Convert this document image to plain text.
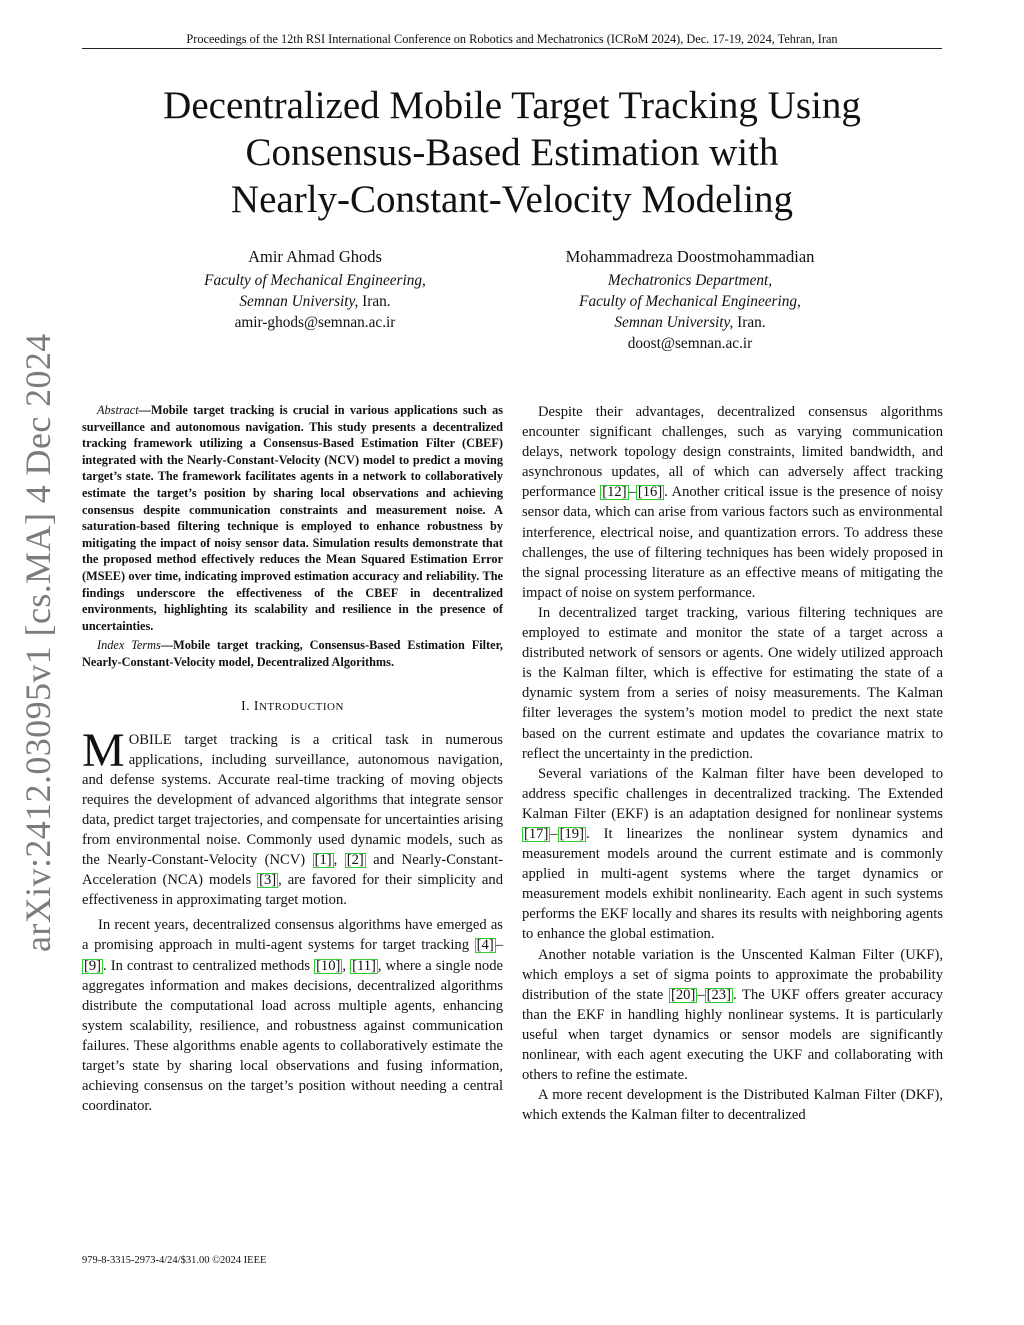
Proceedings of the 12th RSI International Conference on Robotics and Mechatronics (ICRoM 2024), Dec. 17-19, 2024, Tehran, Iran
Decentralized Mobile Target Tracking Using
Consensus-Based Estimation with
Nearly-Constant-Velocity Modeling
Amir Ahmad Ghods
Faculty of Mechanical Engineering,
Semnan University, Iran.
amir-ghods@semnan.ac.ir
Mohammadreza Doostmohammadian
Mechatronics Department,
Faculty of Mechanical Engineering,
Semnan University, Iran.
doost@semnan.ac.ir
arXiv:2412.03095v1 [cs.MA] 4 Dec 2024	Abstract—Mobile target tracking is crucial in various applications such as surveillance and autonomous navigation. This study presents a decentralized tracking framework utilizing a Consensus-Based Estimation Filter (CBEF) integrated with the Nearly-Constant-Velocity (NCV) model to predict a moving target’s state. The framework facilitates agents in a network to collaboratively estimate the target’s position by sharing local observations and achieving consensus despite communication constraints and measurement noise. A saturation-based filtering technique is employed to enhance robustness by mitigating the impact of noisy sensor data. Simulation results demonstrate that the proposed method effectively reduces the Mean Squared Estimation Error (MSEE) over time, indicating improved estimation accuracy and reliability. The findings underscore the effectiveness of the CBEF in decentralized environments, highlighting its scalability and resilience in the presence of uncertainties.

Index Terms—Mobile target tracking, Consensus-Based Estimation Filter, Nearly-Constant-Velocity model, Decentralized Algorithms.

I. INTRODUCTION

MOBILE target tracking is a critical task in numerous applications, including surveillance, autonomous navigation, and defense systems. Accurate real-time tracking of moving objects requires the development of advanced algorithms that integrate sensor data, predict target trajectories, and compensate for uncertainties arising from environmental noise. Commonly used dynamic models, such as the Nearly-Constant-Velocity (NCV) [1] , [2] and Nearly-Constant-Acceleration (NCA) models [3] , are favored for their simplicity and effectiveness in approximating target motion.

In recent years, decentralized consensus algorithms have emerged as a promising approach in multi-agent systems for target tracking [4] –[9] . In contrast to centralized methods [10] , [11] , where a single node aggregates information and makes decisions, decentralized algorithms distribute the computational load across multiple agents, enhancing system scalability, resilience, and robustness against communication failures. These algorithms enable agents to collaboratively estimate the target’s state by sharing local observations and fusing information, achieving consensus on the target’s position without needing a central coordinator.

Despite their advantages, decentralized consensus algorithms encounter significant challenges, such as varying communication delays, network topology design constraints, limited bandwidth, and asynchronous updates, all of which can adversely affect tracking performance [12] – [16] . Another critical issue is the presence of noisy sensor data, which can arise from various factors such as environmental interference, electrical noise, and quantization errors. To address these challenges, the use of filtering techniques has been widely proposed in the signal processing literature as an effective means of mitigating the impact of noise on system performance.

In decentralized target tracking, various filtering techniques are employed to estimate and monitor the state of a target across a distributed network of sensors or agents. One widely utilized approach is the Kalman filter, which is effective for estimating the state of a dynamic system from a series of noisy measurements. The Kalman filter leverages the system’s motion model to predict the next state based on the current estimate and updates the covariance matrix to reflect the uncertainty in the prediction.

Several variations of the Kalman filter have been developed to address specific challenges in decentralized tracking. The Extended Kalman Filter (EKF) is an adaptation designed for nonlinear systems [17] – [19] . It linearizes the nonlinear system dynamics and measurement models around the current estimate and is commonly applied in multi-agent systems where the target dynamics or measurement models exhibit nonlinearity. Each agent in such systems performs the EKF locally and shares its results with neighboring agents to enhance the global estimation.

Another notable variation is the Unscented Kalman Filter (UKF), which employs a set of sigma points to approximate the probability distribution of the state [20] – [23] . The UKF offers greater accuracy than the EKF in handling highly nonlinear systems. It is particularly useful when target dynamics or sensor models are significantly nonlinear, with each agent executing the UKF and collaborating with others to refine the estimate.

A more recent development is the Distributed Kalman Filter (DKF), which extends the Kalman filter to decentralized

979-8-3315-2973-4/24/$31.00 ©2024 IEEE
